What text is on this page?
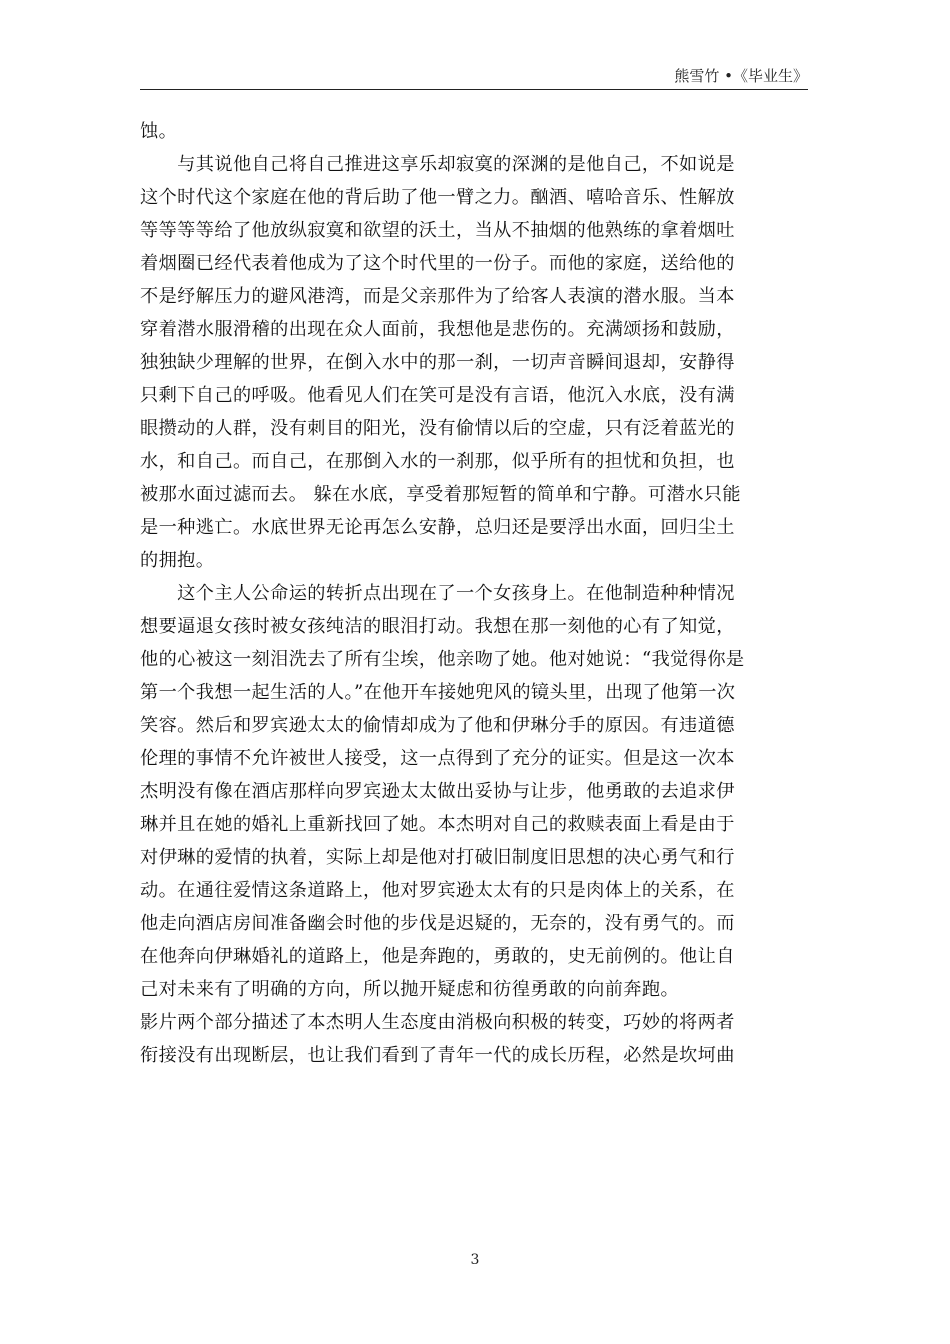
熊雪竹 •《毕业生》
蚀。
　　与其说他自己将自己推进这享乐却寂寞的深渊的是他自己，不如说是
这个时代这个家庭在他的背后助了他一臂之力。酗酒、嘻哈音乐、性解放
等等等等给了他放纵寂寞和欲望的沃土，当从不抽烟的他熟练的拿着烟吐
着烟圈已经代表着他成为了这个时代里的一份子。而他的家庭，送给他的
不是纾解压力的避风港湾，而是父亲那件为了给客人表演的潜水服。当本
穿着潜水服滑稽的出现在众人面前，我想他是悲伤的。充满颂扬和鼓励，
独独缺少理解的世界，在倒入水中的那一刹，一切声音瞬间退却，安静得
只剩下自己的呼吸。他看见人们在笑可是没有言语，他沉入水底，没有满
眼攒动的人群，没有刺目的阳光，没有偷情以后的空虚，只有泛着蓝光的
水，和自己。而自己，在那倒入水的一刹那，似乎所有的担忧和负担，也
被那水面过滤而去。 躲在水底，享受着那短暂的简单和宁静。可潜水只能
是一种逃亡。水底世界无论再怎么安静，总归还是要浮出水面，回归尘土
的拥抱。
　　这个主人公命运的转折点出现在了一个女孩身上。在他制造种种情况
想要逼退女孩时被女孩纯洁的眼泪打动。我想在那一刻他的心有了知觉，
他的心被这一刻泪洗去了所有尘埃，他亲吻了她。他对她说：“我觉得你是
第一个我想一起生活的人。”在他开车接她兜风的镜头里，出现了他第一次
笑容。然后和罗宾逊太太的偷情却成为了他和伊琳分手的原因。有违道德
伦理的事情不允许被世人接受，这一点得到了充分的证实。但是这一次本
杰明没有像在酒店那样向罗宾逊太太做出妥协与让步，他勇敢的去追求伊
琳并且在她的婚礼上重新找回了她。本杰明对自己的救赎表面上看是由于
对伊琳的爱情的执着，实际上却是他对打破旧制度旧思想的决心勇气和行
动。在通往爱情这条道路上，他对罗宾逊太太有的只是肉体上的关系，在
他走向酒店房间准备幽会时他的步伐是迟疑的，无奈的，没有勇气的。而
在他奔向伊琳婚礼的道路上，他是奔跑的，勇敢的，史无前例的。他让自
己对未来有了明确的方向，所以抛开疑虑和彷徨勇敢的向前奔跑。
影片两个部分描述了本杰明人生态度由消极向积极的转变，巧妙的将两者
衔接没有出现断层，也让我们看到了青年一代的成长历程，必然是坎坷曲
3
